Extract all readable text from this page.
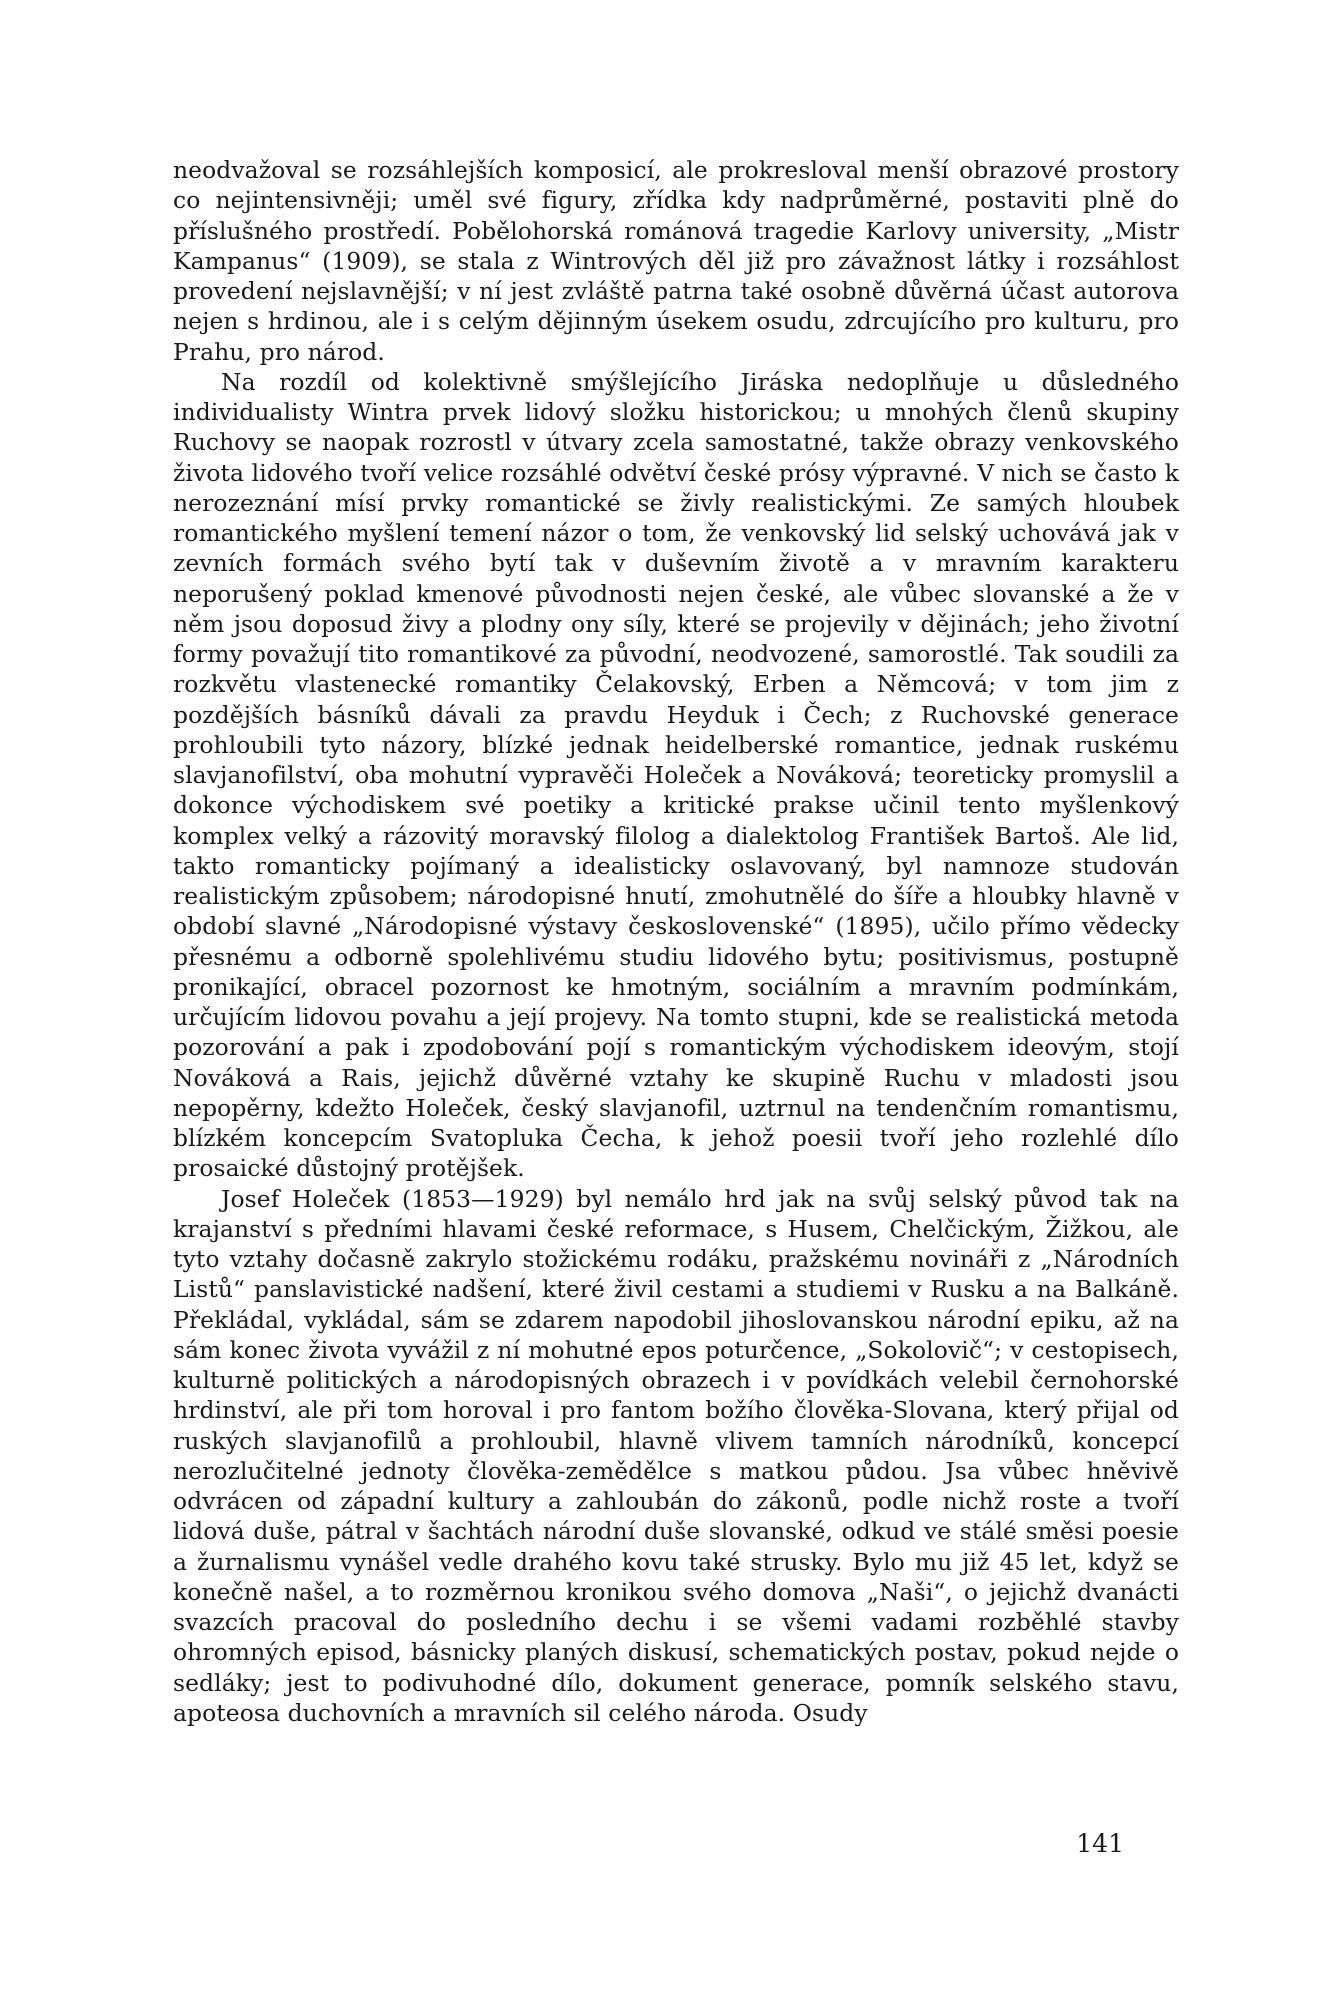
neodvažoval se rozsáhlejších komposicí, ale prokresloval menší obrazové prostory co nejintensivněji; uměl své figury, zřídka kdy nadprůměrné, postaviti plně do příslušného prostředí. Pobělohorská románová tragedie Karlovy university, „Mistr Kampanus“ (1909), se stala z Wintrových děl již pro závažnost látky i rozsáhlost provedení nejslavnější; v ní jest zvláště patrna také osobně důvěrná účast autorova nejen s hrdinou, ale i s celým dějinným úsekem osudu, zdrcujícího pro kulturu, pro Prahu, pro národ.

Na rozdíl od kolektivně smýšlejícího Jiráska nedoplňuje u důsledného individualisty Wintra prvek lidový složku historickou; u mnohých členů skupiny Ruchovy se naopak rozrostl v útvary zcela samostatné, takže obrazy venkovského života lidového tvoří velice rozsáhlé odvětví české prósy výpravné. V nich se často k nerozeznání mísí prvky romantické se živly realistickými. Ze samých hloubek romantického myšlení temení názor o tom, že venkovský lid selský uchovává jak v zevních formách svého bytí tak v duševním životě a v mravním karakteru neporušený poklad kmenové původnosti nejen české, ale vůbec slovanské a že v něm jsou doposud živy a plodny ony síly, které se projevily v dějinách; jeho životní formy považují tito romantikové za původní, neodvozené, samorostlé. Tak soudili za rozkvětu vlastenecké romantiky Čelakovský, Erben a Němcová; v tom jim z pozdějších básníků dávali za pravdu Heyduk i Čech; z Ruchovské generace prohloubili tyto názory, blízké jednak heidelberské romantice, jednak ruskému slavjanofilství, oba mohutní vypravěči Holeček a Nováková; teoreticky promyslil a dokonce východiskem své poetiky a kritické prakse učinil tento myšlenkový komplex velký a rázovitý moravský filolog a dialektolog František Bartoš. Ale lid, takto romanticky pojímaný a idealisticky oslavovaný, byl namnoze studován realistickým způsobem; národopisné hnutí, zmohutnělé do šíře a hloubky hlavně v období slavné „Národopisné výstavy československé“ (1895), učilo přímo vědecky přesnému a odborně spolehlivému studiu lidového bytu; positivismus, postupně pronikající, obracel pozornost ke hmotným, sociálním a mravním podmínkám, určujícím lidovou povahu a její projevy. Na tomto stupni, kde se realistická metoda pozorování a pak i zpodobování pojí s romantickým východiskem ideovým, stojí Nováková a Rais, jejichž důvěrné vztahy ke skupině Ruchu v mladosti jsou nepopěrny, kdežto Holeček, český slavjanofil, uztrnul na tendenčním romantismu, blízkém koncepcím Svatopluka Čecha, k jehož poesii tvoří jeho rozlehlé dílo prosaické důstojný protějšek.

Josef Holeček (1853—1929) byl nemálo hrd jak na svůj selský původ tak na krajanství s předními hlavami české reformace, s Husem, Chelčickým, Žižkou, ale tyto vztahy dočasně zakrylo stožickému rodáku, pražskému novináři z „Národních Listů“ panslavistické nadšení, které živil cestami a studiemi v Rusku a na Balkáně. Překládal, vykládal, sám se zdarem napodobil jihoslovanskou národní epiku, až na sám konec života vyvážil z ní mohutné epos poturčence, „Sokolovič“; v cestopisech, kulturně politických a národopisných obrazech i v povídkách velebil černohorské hrdinství, ale při tom horoval i pro fantom božího člověka-Slovana, který přijal od ruských slavjanofilů a prohloubil, hlavně vlivem tamních národníků, koncepcí nerozlučitelné jednoty člověka-zemědělce s matkou půdou. Jsa vůbec hněvivě odvrácen od západní kultury a zahloubán do zákonů, podle nichž roste a tvoří lidová duše, pátral v šachtách národní duše slovanské, odkud ve stálé směsi poesie a žurnalismu vynášel vedle drahého kovu také strusky. Bylo mu již 45 let, když se konečně našel, a to rozměrnou kronikou svého domova „Naši“, o jejichž dvanácti svazcích pracoval do posledního dechu i se všemi vadami rozběhlé stavby ohromných episod, básnicky planých diskusí, schematických postav, pokud nejde o sedláky; jest to podivuhodné dílo, dokument generace, pomník selského stavu, apoteosa duchovních a mravních sil celého národa. Osudy

141
